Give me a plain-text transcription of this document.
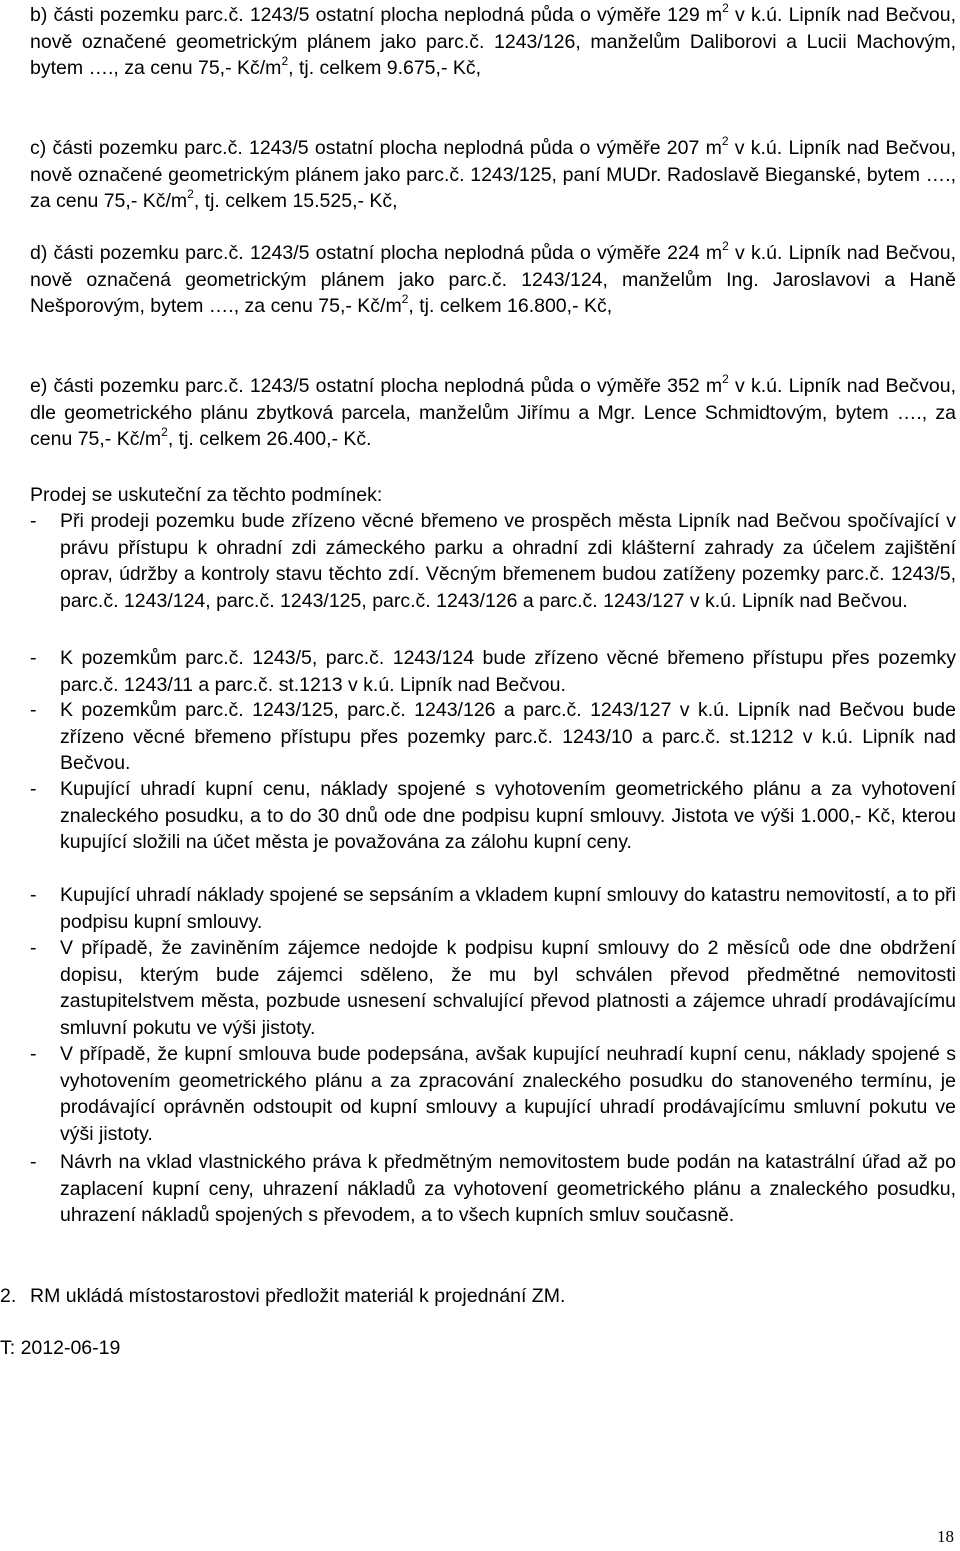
b) části pozemku parc.č. 1243/5 ostatní plocha neplodná půda o výměře 129 $m^2$ v k.ú. Lipník nad Bečvou, nově označené geometrickým plánem jako parc.č. 1243/126, manželům Daliborovi a Lucii Machovým, bytem …., za cenu 75,- $Kč/m^2$, tj. celkem 9.675,- Kč,

c) části pozemku parc.č. 1243/5 ostatní plocha neplodná půda o výměře 207 $m^2$ v k.ú. Lipník nad Bečvou, nově označené geometrickým plánem jako parc.č. 1243/125, paní MUDr. Radoslavě Bieganské, bytem …., za cenu 75,- $Kč/m^2$, tj. celkem 15.525,- Kč,

d) části pozemku parc.č. 1243/5 ostatní plocha neplodná půda o výměře 224 $m^2$ v k.ú. Lipník nad Bečvou, nově označená geometrickým plánem jako parc.č. 1243/124, manželům Ing. Jaroslavovi a Haně Nešporovým, bytem …., za cenu 75,- $Kč/m^2$, tj. celkem 16.800,- Kč,

e) části pozemku parc.č. 1243/5 ostatní plocha neplodná půda o výměře 352 $m^2$ v k.ú. Lipník nad Bečvou, dle geometrického plánu zbytková parcela, manželům Jiřímu a Mgr. Lence Schmidtovým, bytem …., za cenu 75,- $Kč/m^2$, tj. celkem 26.400,- Kč.

Prodej se uskuteční za těchto podmínek:
-	Při prodeji pozemku bude zřízeno věcné břemeno ve prospěch města Lipník nad Bečvou spočívající v právu přístupu k ohradní zdi zámeckého parku a ohradní zdi klášterní zahrady za účelem zajištění oprav, údržby a kontroly stavu těchto zdí. Věcným břemenem budou zatíženy pozemky parc.č. 1243/5, parc.č. 1243/124, parc.č. 1243/125, parc.č. 1243/126 a parc.č. 1243/127 v k.ú. Lipník nad Bečvou.
-	K pozemkům parc.č. 1243/5, parc.č. 1243/124 bude zřízeno věcné břemeno přístupu přes pozemky parc.č. 1243/11 a parc.č. st.1213 v k.ú. Lipník nad Bečvou.
-	K pozemkům parc.č. 1243/125, parc.č. 1243/126 a parc.č. 1243/127 v k.ú. Lipník nad Bečvou bude zřízeno věcné břemeno přístupu přes pozemky parc.č. 1243/10 a parc.č. st.1212 v k.ú. Lipník nad Bečvou.
-	Kupující uhradí kupní cenu, náklady spojené s vyhotovením geometrického plánu a za vyhotovení znaleckého posudku, a to do 30 dnů ode dne podpisu kupní smlouvy. Jistota ve výši 1.000,- Kč, kterou kupující složili na účet města je považována za zálohu kupní ceny.
-	Kupující uhradí náklady spojené se sepsáním a vkladem kupní smlouvy do katastru nemovitostí, a to při podpisu kupní smlouvy.
-	V případě, že zaviněním zájemce nedojde k podpisu kupní smlouvy do 2 měsíců ode dne obdržení dopisu, kterým bude zájemci sděleno, že mu byl schválen převod předmětné nemovitosti zastupitelstvem města, pozbude usnesení schvalující převod platnosti a zájemce uhradí prodávajícímu smluvní pokutu ve výši jistoty.
-	V případě, že kupní smlouva bude podepsána, avšak kupující neuhradí kupní cenu, náklady spojené s vyhotovením geometrického plánu a za zpracování znaleckého posudku do stanoveného termínu, je prodávající oprávněn odstoupit od kupní smlouvy a kupující uhradí prodávajícímu smluvní pokutu ve výši jistoty.
-	Návrh na vklad vlastnického práva k předmětným nemovitostem bude podán na katastrální úřad až po zaplacení kupní ceny, uhrazení nákladů za vyhotovení geometrického plánu a znaleckého posudku, uhrazení nákladů spojených s převodem, a to všech kupních smluv současně.
2. RM ukládá místostarostovi předložit materiál k projednání ZM.
T: 2012-06-19
18
